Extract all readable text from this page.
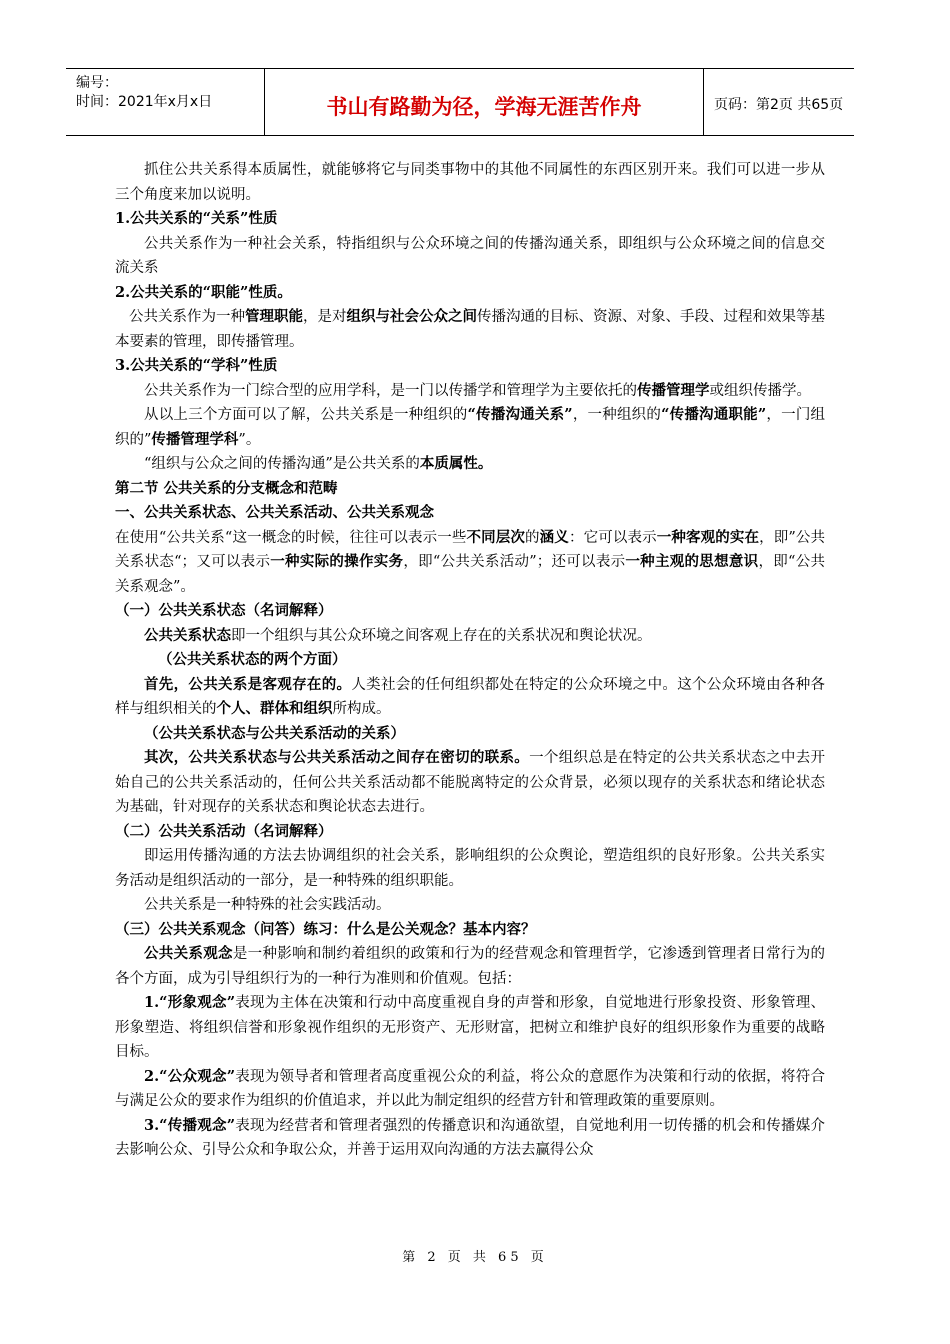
编号：
时间：2021年x月x日	书山有路勤为径，学海无涯苦作舟	页码：第2页 共65页

抓住公共关系得本质属性，就能够将它与同类事物中的其他不同属性的东西区别开来。我们可以进一步从三个角度来加以说明。

1.公共关系的“关系”性质

公共关系作为一种社会关系，特指组织与公众环境之间的传播沟通关系，即组织与公众环境之间的信息交流关系

2.公共关系的“职能”性质。

公共关系作为一种管理职能，是对组织与社会公众之间传播沟通的目标、资源、对象、手段、过程和效果等基本要素的管理，即传播管理。

3.公共关系的“学科”性质

公共关系作为一门综合型的应用学科，是一门以传播学和管理学为主要依托的传播管理学或组织传播学。

从以上三个方面可以了解，公共关系是一种组织的“传播沟通关系”，一种组织的“传播沟通职能”，一门组织的”传播管理学科”。

“组织与公众之间的传播沟通”是公共关系的本质属性。

第二节 公共关系的分支概念和范畴

一、公共关系状态、公共关系活动、公共关系观念

在使用“公共关系“这一概念的时候，往往可以表示一些不同层次的涵义：它可以表示一种客观的实在，即”公共关系状态“；又可以表示一种实际的操作实务，即“公共关系活动”；还可以表示一种主观的思想意识，即“公共关系观念”。

（一）公共关系状态（名词解释）

公共关系状态即一个组织与其公众环境之间客观上存在的关系状况和舆论状况。

（公共关系状态的两个方面）

首先，公共关系是客观存在的。人类社会的任何组织都处在特定的公众环境之中。这个公众环境由各种各样与组织相关的个人、群体和组织所构成。

（公共关系状态与公共关系活动的关系）

其次，公共关系状态与公共关系活动之间存在密切的联系。一个组织总是在特定的公共关系状态之中去开始自己的公共关系活动的，任何公共关系活动都不能脱离特定的公众背景，必须以现存的关系状态和绪论状态为基础，针对现存的关系状态和舆论状态去进行。

（二）公共关系活动（名词解释）

即运用传播沟通的方法去协调组织的社会关系，影响组织的公众舆论，塑造组织的良好形象。公共关系实务活动是组织活动的一部分，是一种特殊的组织职能。

公共关系是一种特殊的社会实践活动。

（三）公共关系观念（问答）练习：什么是公关观念？基本内容？

公共关系观念是一种影响和制约着组织的政策和行为的经营观念和管理哲学，它渗透到管理者日常行为的各个方面，成为引导组织行为的一种行为准则和价值观。包括：

1.“形象观念”表现为主体在决策和行动中高度重视自身的声誉和形象，自觉地进行形象投资、形象管理、形象塑造、将组织信誉和形象视作组织的无形资产、无形财富，把树立和维护良好的组织形象作为重要的战略目标。

2.“公众观念”表现为领导者和管理者高度重视公众的利益，将公众的意愿作为决策和行动的依据，将符合与满足公众的要求作为组织的价值追求，并以此为制定组织的经营方针和管理政策的重要原则。

3.“传播观念”表现为经营者和管理者强烈的传播意识和沟通欲望，自觉地利用一切传播的机会和传播媒介去影响公众、引导公众和争取公众，并善于运用双向沟通的方法去赢得公众

第 2 页 共 65 页
